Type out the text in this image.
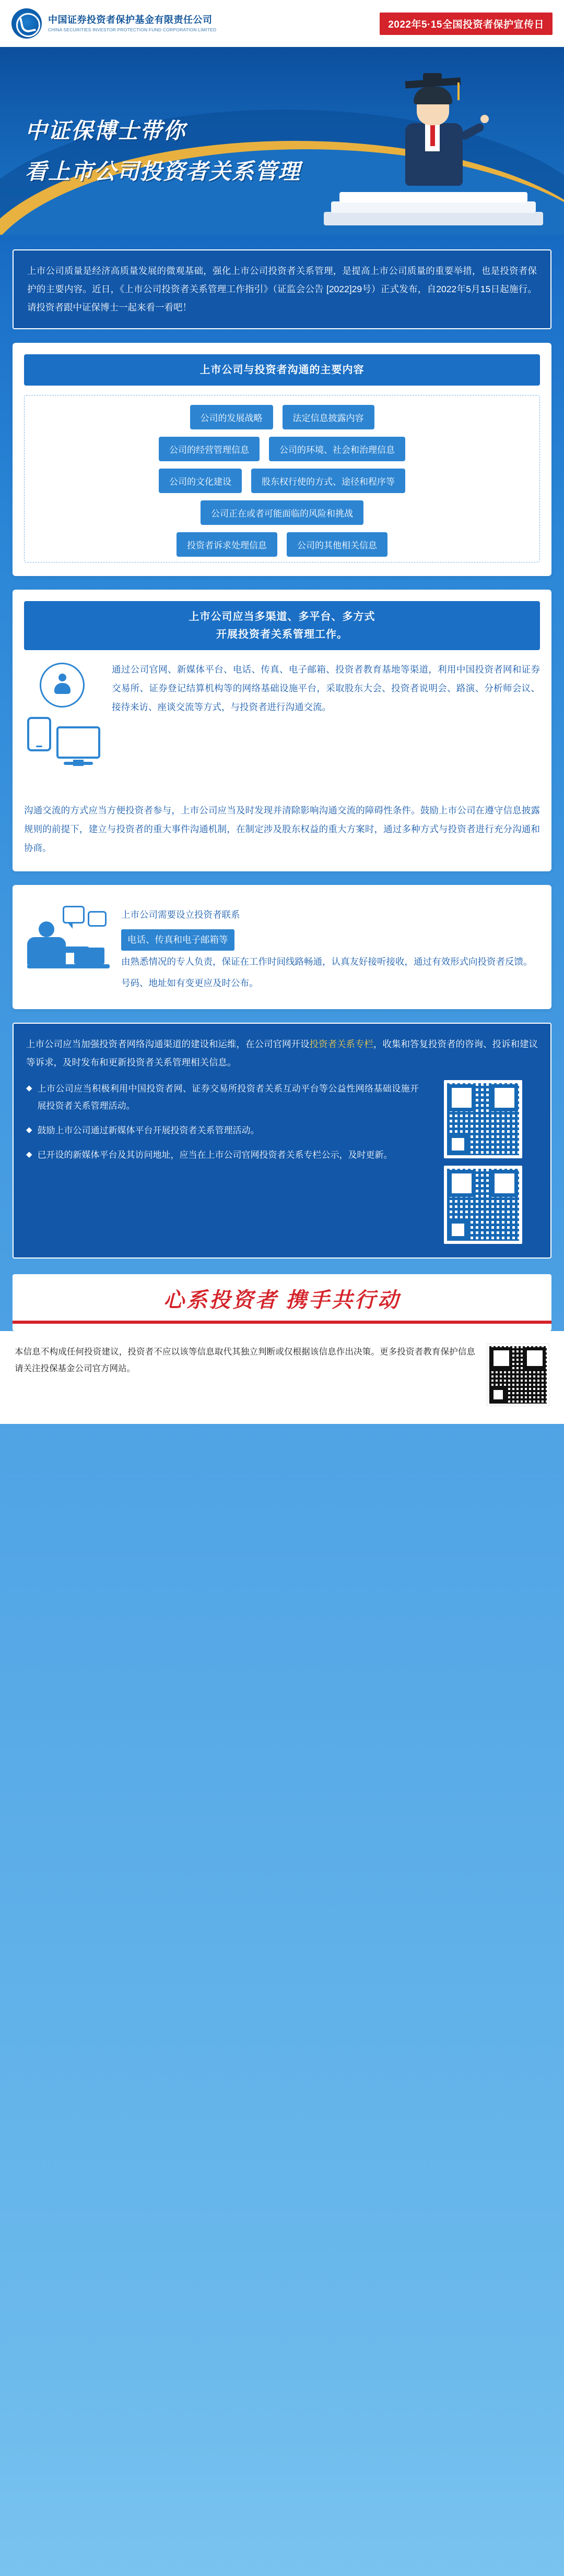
中国证券投资者保护基金有限责任公司
CHINA SECURITIES INVESTOR PROTECTION FUND CORPORATION LIMITED	2022年5·15全国投资者保护宣传日
中证保博士带你
看上市公司投资者关系管理
上市公司质量是经济高质量发展的微观基础，强化上市公司投资者关系管理，是提高上市公司质量的重要举措，也是投资者保护的主要内容。近日，《上市公司投资者关系管理工作指引》（证监会公告 [2022]29号）正式发布，自2022年5月15日起施行。请投资者跟中证保博士一起来看一看吧！
上市公司与投资者沟通的主要内容
公司的发展战略	法定信息披露内容
公司的经营管理信息	公司的环境、社会和治理信息
公司的文化建设	股东权行使的方式、途径和程序等
公司正在或者可能面临的风险和挑战
投资者诉求处理信息	公司的其他相关信息
上市公司应当多渠道、多平台、多方式
开展投资者关系管理工作。
通过公司官网、新媒体平台、电话、传真、电子邮箱、投资者教育基地等渠道，利用中国投资者网和证券交易所、证券登记结算机构等的网络基础设施平台，采取股东大会、投资者说明会、路演、分析师会议、接待来访、座谈交流等方式，与投资者进行沟通交流。
沟通交流的方式应当方便投资者参与，上市公司应当及时发现并清除影响沟通交流的障碍性条件。鼓励上市公司在遵守信息披露规则的前提下，建立与投资者的重大事件沟通机制，在制定涉及股东权益的重大方案时，通过多种方式与投资者进行充分沟通和协商。
上市公司需要设立投资者联系
电话、传真和电子邮箱等
由熟悉情况的专人负责，保证在工作时间线路畅通，认真友好接听接收，通过有效形式向投资者反馈。
号码、地址如有变更应及时公布。

上市公司应当加强投资者网络沟通渠道的建设和运维，在公司官网开设投资者关系专栏，收集和答复投资者的咨询、投诉和建议等诉求，及时发布和更新投资者关系管理相关信息。

◆ 上市公司应当积极利用中国投资者网、证券交易所投资者关系互动平台等公益性网络基础设施开展投资者关系管理活动。
◆ 鼓励上市公司通过新媒体平台开展投资者关系管理活动。
◆ 已开设的新媒体平台及其访问地址，应当在上市公司官网投资者关系专栏公示，及时更新。
心系投资者 携手共行动
本信息不构成任何投资建议，投资者不应以该等信息取代其独立判断或仅根据该信息作出决策。更多投资者教育保护信息请关注投保基金公司官方网站。
